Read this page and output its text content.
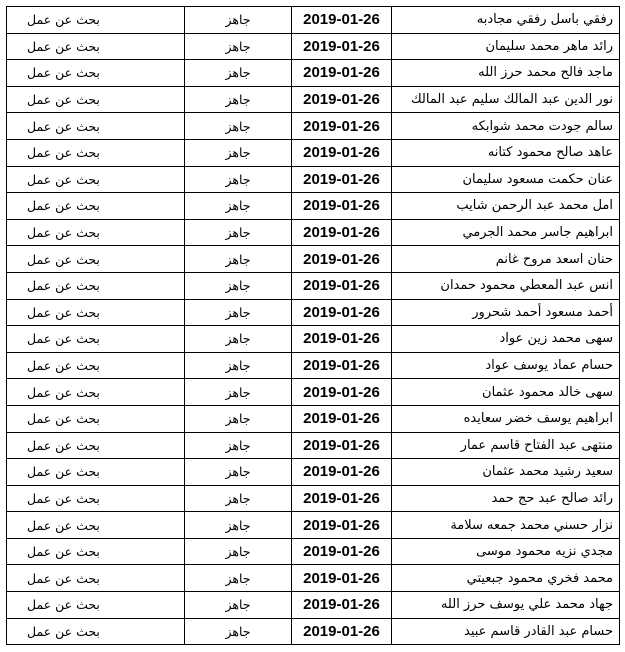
رفقي باسل رفقي مجادبه	2019-01-26	جاهز	بحث عن عمل
رائد ماهر محمد سليمان	2019-01-26	جاهز	بحث عن عمل
ماجد فالح محمد حرز الله	2019-01-26	جاهز	بحث عن عمل
نور الدين عبد المالك سليم عبد المالك	2019-01-26	جاهز	بحث عن عمل
سالم جودت محمد شوابكه	2019-01-26	جاهز	بحث عن عمل
عاهد صالح محمود كتانه	2019-01-26	جاهز	بحث عن عمل
عنان حكمت مسعود سليمان	2019-01-26	جاهز	بحث عن عمل
امل محمد عبد الرحمن شايب	2019-01-26	جاهز	بحث عن عمل
ابراهيم جاسر محمد الجرمي	2019-01-26	جاهز	بحث عن عمل
حنان اسعد مروح غانم	2019-01-26	جاهز	بحث عن عمل
انس عبد المعطي محمود حمدان	2019-01-26	جاهز	بحث عن عمل
أحمد مسعود أحمد شحرور	2019-01-26	جاهز	بحث عن عمل
سهى محمد زين عواد	2019-01-26	جاهز	بحث عن عمل
حسام عماد يوسف عواد	2019-01-26	جاهز	بحث عن عمل
سهى خالد محمود عثمان	2019-01-26	جاهز	بحث عن عمل
ابراهيم يوسف خضر سعايده	2019-01-26	جاهز	بحث عن عمل
منتهى عبد الفتاح قاسم عمار	2019-01-26	جاهز	بحث عن عمل
سعيد رشيد محمد عثمان	2019-01-26	جاهز	بحث عن عمل
رائد صالح عبد حج حمد	2019-01-26	جاهز	بحث عن عمل
نزار حسني محمد جمعه سلامة	2019-01-26	جاهز	بحث عن عمل
مجدي نزيه محمود موسى	2019-01-26	جاهز	بحث عن عمل
محمد فخري محمود جبعيتي	2019-01-26	جاهز	بحث عن عمل
جهاد محمد علي يوسف حرز الله	2019-01-26	جاهز	بحث عن عمل
حسام عبد القادر قاسم عبيد	2019-01-26	جاهز	بحث عن عمل
